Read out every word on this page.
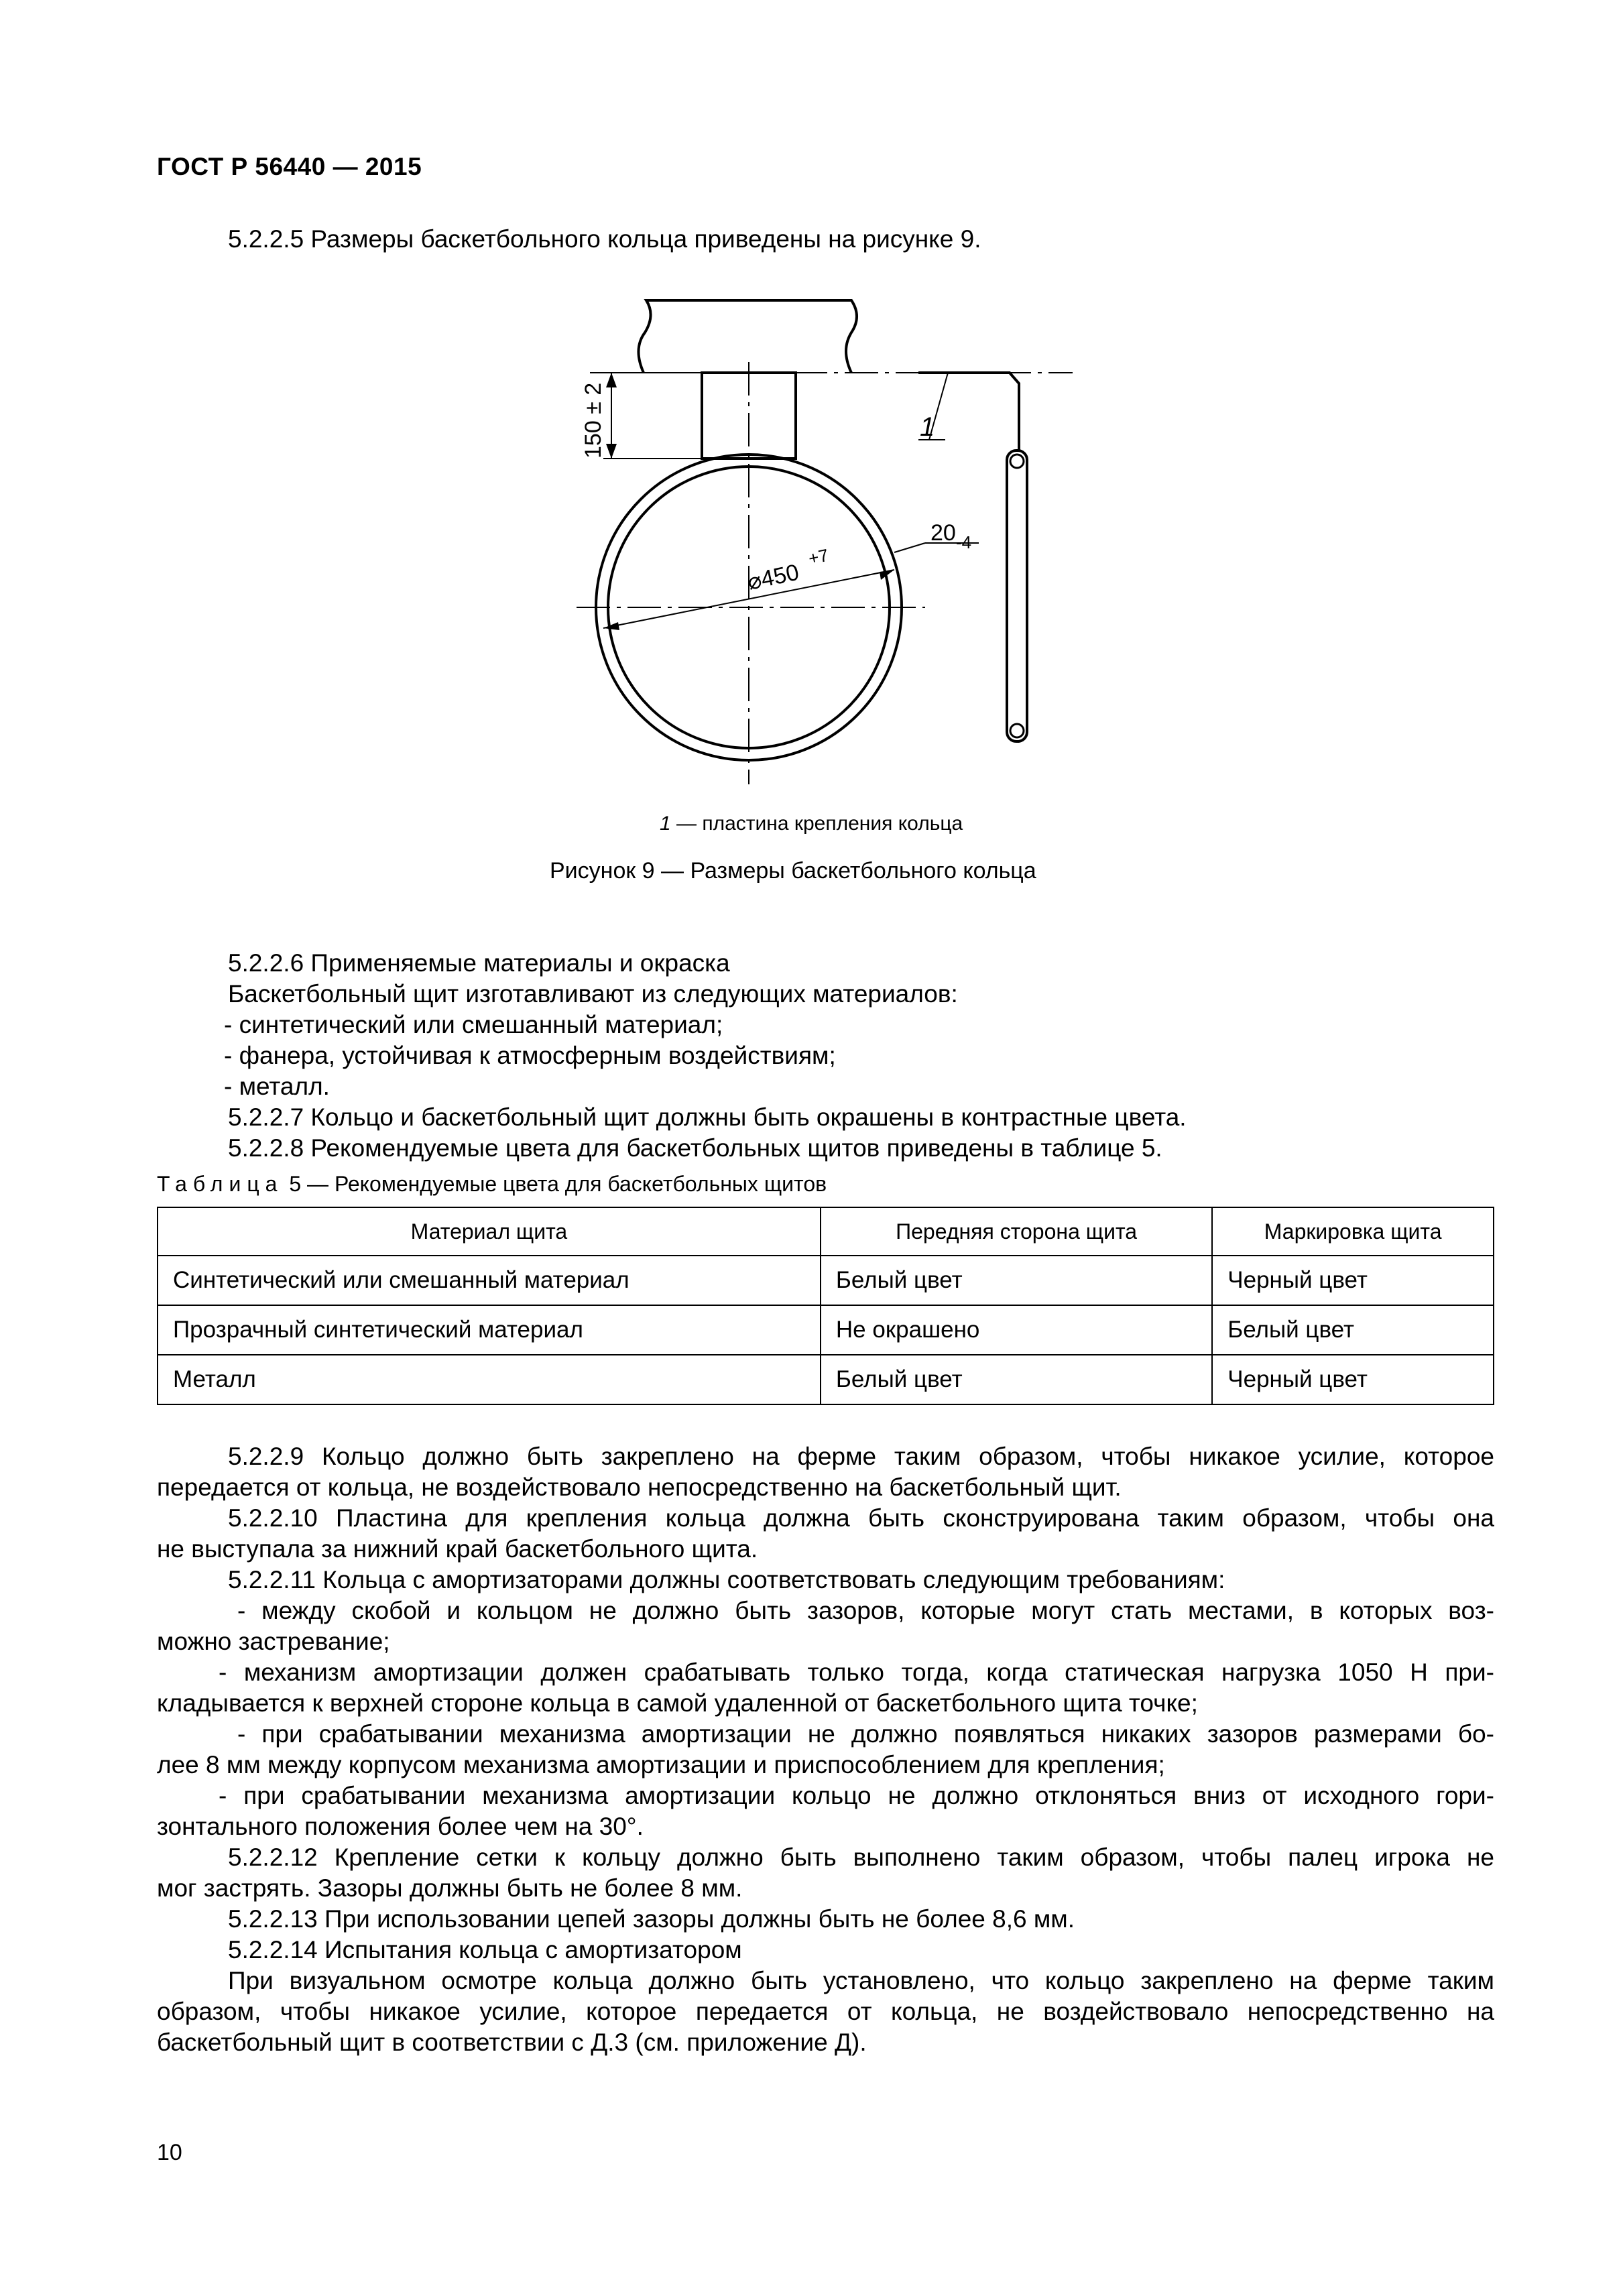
ГОСТ Р 56440 — 2015
5.2.2.5 Размеры баскетбольного кольца приведены на рисунке 9.
150 ± 2
⌀450
+7
20 -4
1
1 — пластина крепления кольца
Рисунок 9 — Размеры баскетбольного кольца
5.2.2.6 Применяемые материалы и окраска
Баскетбольный щит изготавливают из следующих материалов:
- синтетический или смешанный материал;
- фанера, устойчивая к атмосферным воздействиям;
- металл.
5.2.2.7 Кольцо и баскетбольный щит должны быть окрашены в контрастные цвета.
5.2.2.8 Рекомендуемые цвета для баскетбольных щитов приведены в таблице 5.
Таблица 5 — Рекомендуемые цвета для баскетбольных щитов
Материал щита	Передняя сторона щита	Маркировка щита
Синтетический или смешанный материал	Белый цвет	Черный цвет
Прозрачный синтетический материал	Не окрашено	Белый цвет
Металл	Белый цвет	Черный цвет
5.2.2.9 Кольцо должно быть закреплено на ферме таким образом, чтобы никакое усилие, которое
передается от кольца, не воздействовало непосредственно на баскетбольный щит.
5.2.2.10 Пластина для крепления кольца должна быть сконструирована таким образом, чтобы она
не выступала за нижний край баскетбольного щита.
5.2.2.11 Кольца с амортизаторами должны соответствовать следующим требованиям:
- между скобой и кольцом не должно быть зазоров, которые могут стать местами, в которых воз-
можно застревание;
- механизм амортизации должен срабатывать только тогда, когда статическая нагрузка 1050 Н при-
кладывается к верхней стороне кольца в самой удаленной от баскетбольного щита точке;
- при срабатывании механизма амортизации не должно появляться никаких зазоров размерами бо-
лее 8 мм между корпусом механизма амортизации и приспособлением для крепления;
- при срабатывании механизма амортизации кольцо не должно отклоняться вниз от исходного гори-
зонтального положения более чем на 30°.
5.2.2.12 Крепление сетки к кольцу должно быть выполнено таким образом, чтобы палец игрока не
мог застрять. Зазоры должны быть не более 8 мм.
5.2.2.13 При использовании цепей зазоры должны быть не более 8,6 мм.
5.2.2.14 Испытания кольца с амортизатором
При визуальном осмотре кольца должно быть установлено, что кольцо закреплено на ферме таким
образом, чтобы никакое усилие, которое передается от кольца, не воздействовало непосредственно на
баскетбольный щит в соответствии с Д.3 (см. приложение Д).
10
